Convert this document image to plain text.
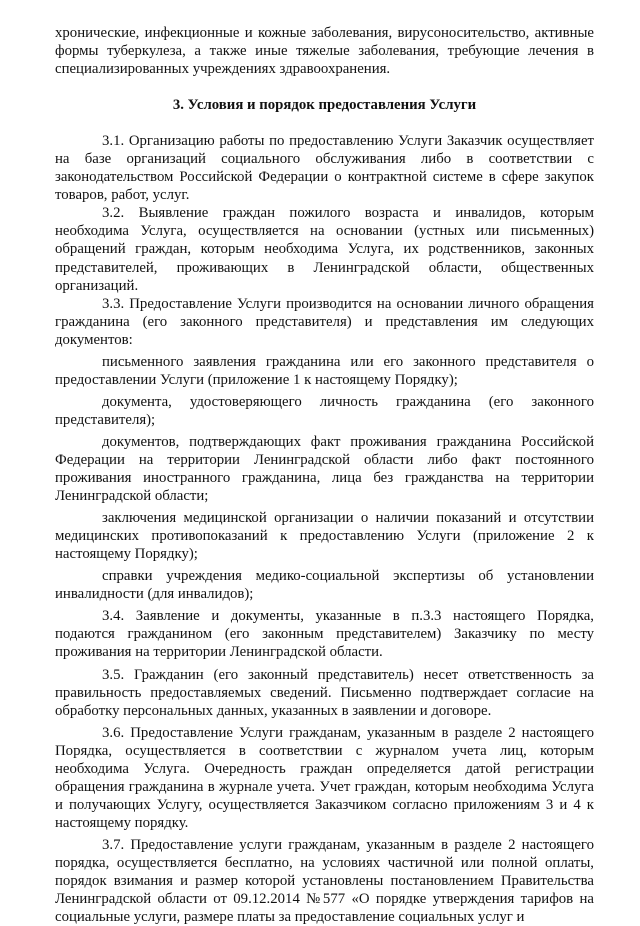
хронические, инфекционные и кожные заболевания, вирусоносительство, активные формы туберкулеза, а также иные тяжелые заболевания, требующие лечения в специализированных учреждениях здравоохранения.

3. Условия и порядок предоставления Услуги

3.1. Организацию работы по предоставлению Услуги Заказчик осуществляет на базе организаций социального обслуживания либо в соответствии с законодательством Российской Федерации о контрактной системе в сфере закупок товаров, работ, услуг.

3.2. Выявление граждан пожилого возраста и инвалидов, которым необходима Услуга, осуществляется на основании (устных или письменных) обращений граждан, которым необходима Услуга, их родственников, законных представителей, проживающих в Ленинградской области, общественных организаций.

3.3. Предоставление Услуги производится на основании личного обращения гражданина (его законного представителя) и представления им следующих документов:

письменного заявления гражданина или его законного представителя о предоставлении Услуги (приложение 1 к настоящему Порядку);

документа, удостоверяющего личность гражданина (его законного представителя);

документов, подтверждающих факт проживания гражданина Российской Федерации на территории Ленинградской области либо факт постоянного проживания иностранного гражданина, лица без гражданства на территории Ленинградской области;

заключения медицинской организации о наличии показаний и отсутствии медицинских противопоказаний к предоставлению Услуги (приложение 2 к настоящему Порядку);

справки учреждения медико-социальной экспертизы об установлении инвалидности (для инвалидов);

3.4. Заявление и документы, указанные в п.3.3 настоящего Порядка, подаются гражданином (его законным представителем) Заказчику по месту проживания на территории Ленинградской области.

3.5. Гражданин (его законный представитель) несет ответственность за правильность предоставляемых сведений. Письменно подтверждает согласие на обработку персональных данных, указанных в заявлении и договоре.

3.6. Предоставление Услуги гражданам, указанным в разделе 2 настоящего Порядка, осуществляется в соответствии с журналом учета лиц, которым необходима Услуга. Очередность граждан определяется датой регистрации обращения гражданина в журнале учета. Учет граждан, которым необходима Услуга и получающих Услугу, осуществляется Заказчиком согласно приложениям 3 и 4 к настоящему порядку.

3.7. Предоставление услуги гражданам, указанным в разделе 2 настоящего порядка, осуществляется бесплатно, на условиях частичной или полной оплаты, порядок взимания и размер которой установлены постановлением Правительства Ленинградской области от 09.12.2014 №577 «О порядке утверждения тарифов на социальные услуги, размере платы за предоставление социальных услуг и
